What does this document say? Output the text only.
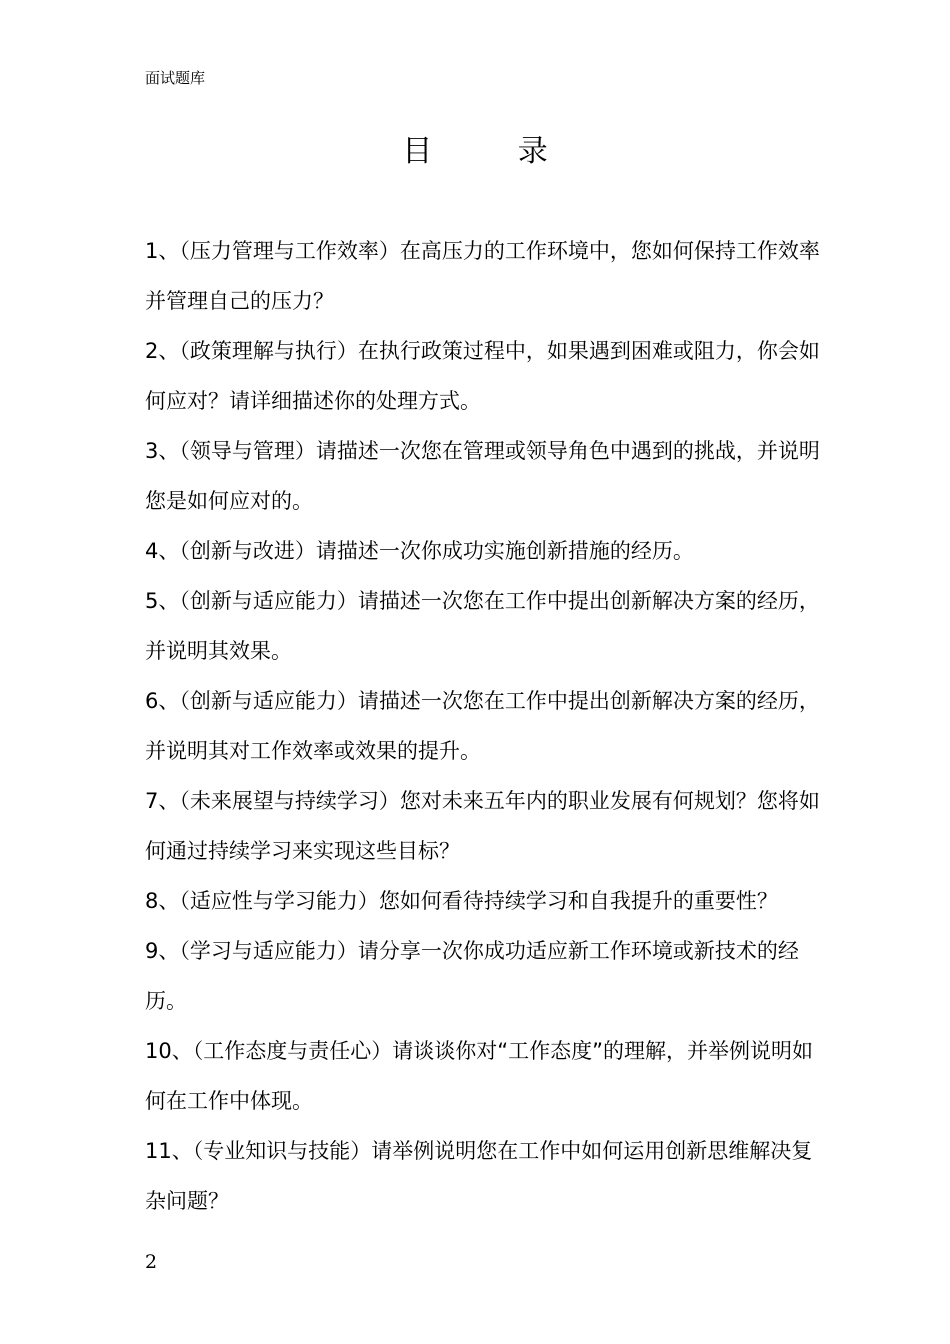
面试题库
目 录
1、（压力管理与工作效率）在高压力的工作环境中，您如何保持工作效率并管理自己的压力？
2、（政策理解与执行）在执行政策过程中，如果遇到困难或阻力，你会如何应对？请详细描述你的处理方式。
3、（领导与管理）请描述一次您在管理或领导角色中遇到的挑战，并说明您是如何应对的。
4、（创新与改进）请描述一次你成功实施创新措施的经历。
5、（创新与适应能力）请描述一次您在工作中提出创新解决方案的经历，并说明其效果。
6、（创新与适应能力）请描述一次您在工作中提出创新解决方案的经历，并说明其对工作效率或效果的提升。
7、（未来展望与持续学习）您对未来五年内的职业发展有何规划？您将如何通过持续学习来实现这些目标？
8、（适应性与学习能力）您如何看待持续学习和自我提升的重要性？
9、（学习与适应能力）请分享一次你成功适应新工作环境或新技术的经历。
10、（工作态度与责任心）请谈谈你对“工作态度”的理解，并举例说明如何在工作中体现。
11、（专业知识与技能）请举例说明您在工作中如何运用创新思维解决复杂问题？
2
